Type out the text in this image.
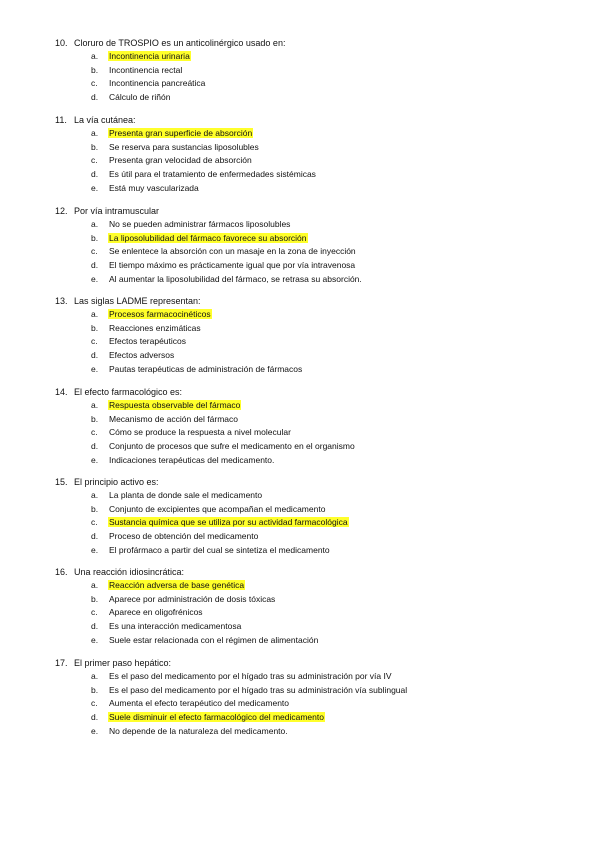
10. Cloruro de TROSPIO es un anticolinérgico usado en:
a. Incontinencia urinaria
b. Incontinencia rectal
c. Incontinencia pancreática
d. Cálculo de riñón
11. La vía cutánea:
a. Presenta gran superficie de absorción
b. Se reserva para sustancias liposolubles
c. Presenta gran velocidad de absorción
d. Es útil para el tratamiento de enfermedades sistémicas
e. Está muy vascularizada
12. Por vía intramuscular
a. No se pueden administrar fármacos liposolubles
b. La liposolubilidad del fármaco favorece su absorción
c. Se enlentece la absorción con un masaje en la zona de inyección
d. El tiempo máximo es prácticamente igual que por vía intravenosa
e. Al aumentar la liposolubilidad del fármaco, se retrasa su absorción.
13. Las siglas LADME representan:
a. Procesos farmacocinéticos
b. Reacciones enzimáticas
c. Efectos terapéuticos
d. Efectos adversos
e. Pautas terapéuticas de administración de fármacos
14. El efecto farmacológico es:
a. Respuesta observable del fármaco
b. Mecanismo de acción del fármaco
c. Cómo se produce la respuesta a nivel molecular
d. Conjunto de procesos que sufre el medicamento en el organismo
e. Indicaciones terapéuticas del medicamento.
15. El principio activo es:
a. La planta de donde sale el medicamento
b. Conjunto de excipientes que acompañan el medicamento
c. Sustancia química que se utiliza por su actividad farmacológica
d. Proceso de obtención del medicamento
e. El profármaco a partir del cual se sintetiza el medicamento
16. Una reacción idiosincrática:
a. Reacción adversa de base genética
b. Aparece por administración de dosis tóxicas
c. Aparece en oligofrénicos
d. Es una interacción medicamentosa
e. Suele estar relacionada con el régimen de alimentación
17. El primer paso hepático:
a. Es el paso del medicamento por el hígado tras su administración por vía IV
b. Es el paso del medicamento por el hígado tras su administración vía sublingual
c. Aumenta el efecto terapéutico del medicamento
d. Suele disminuir el efecto farmacológico del medicamento
e. No depende de la naturaleza del medicamento.
